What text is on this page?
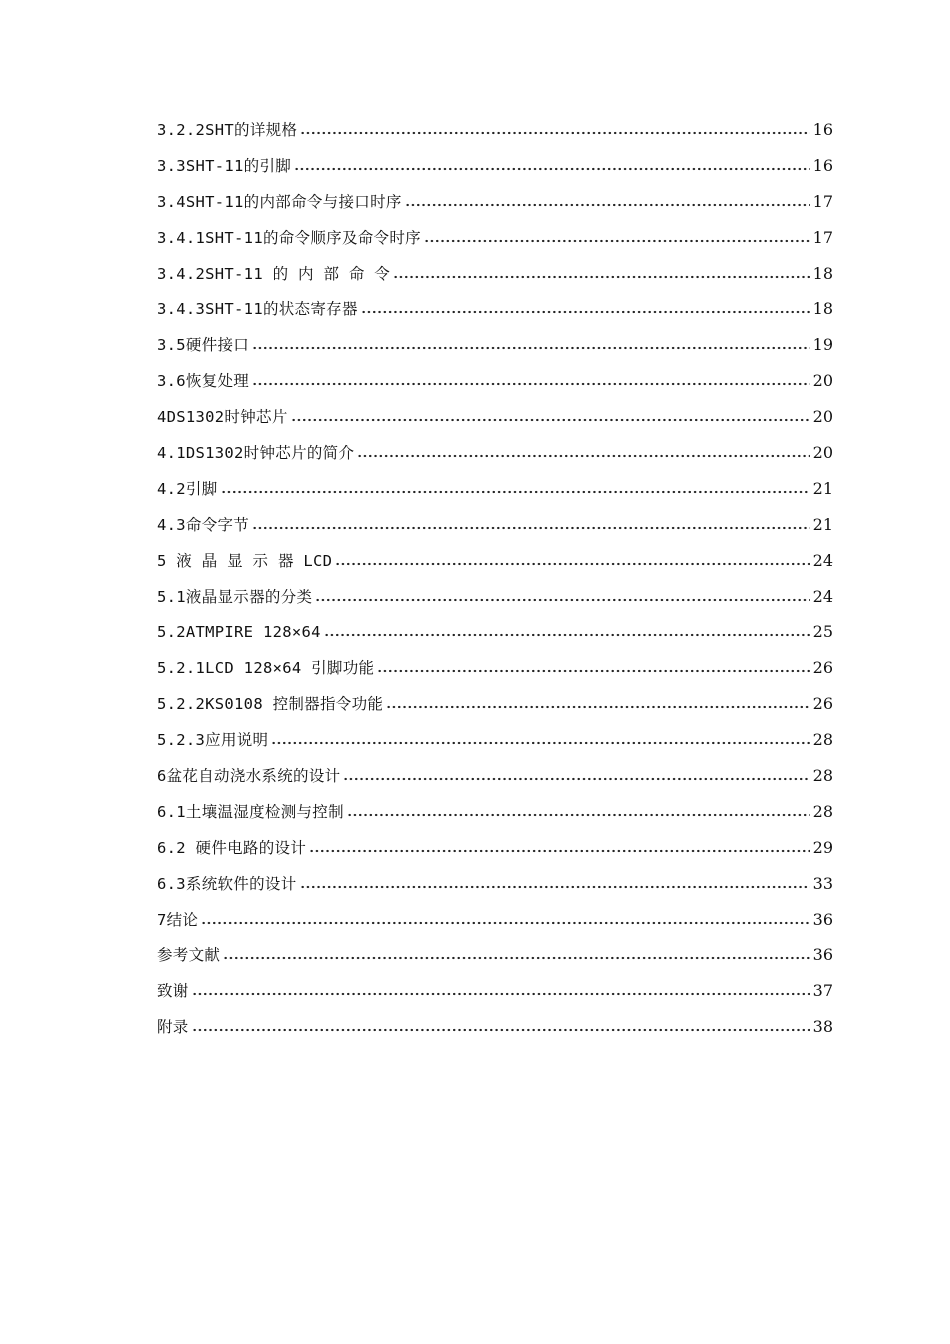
3.2.2SHT的详规格	16
3.3SHT-11的引脚	16
3.4SHT-11的内部命令与接口时序	17
3.4.1SHT-11的命令顺序及命令时序	17
3.4.2SHT-11 的 内 部 命 令	18
3.4.3SHT-11的状态寄存器	18
3.5硬件接口	19
3.6恢复处理	20
4DS1302时钟芯片	20
4.1DS1302时钟芯片的简介	20
4.2引脚	21
4.3命令字节	21
5 液 晶 显 示 器 LCD	24
5.1液晶显示器的分类	24
5.2ATMPIRE 128×64	25
5.2.1LCD 128×64 引脚功能	26
5.2.2KS0108 控制器指令功能	26
5.2.3应用说明	28
6盆花自动浇水系统的设计	28
6.1土壤温湿度检测与控制	28
6.2 硬件电路的设计	29
6.3系统软件的设计	33
7结论	36
参考文献	36
致谢	37
附录	38
